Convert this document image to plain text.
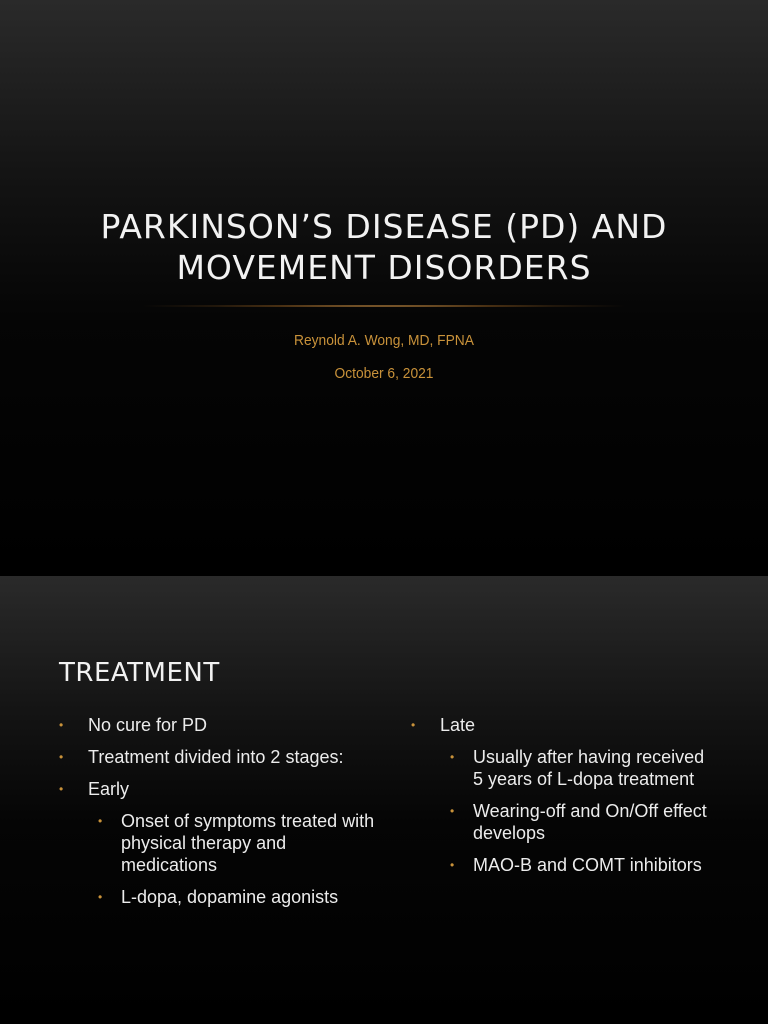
PARKINSON’S DISEASE (PD) AND
MOVEMENT DISORDERS
Reynold A. Wong, MD, FPNA
October 6, 2021
TREATMENT
• No cure for PD
• Treatment divided into 2 stages:
• Early
• Onset of symptoms treated with physical therapy and medications
• L-dopa, dopamine agonists
• Late
• Usually after having received 5 years of L-dopa treatment
• Wearing-off and On/Off effect develops
• MAO-B and COMT inhibitors
